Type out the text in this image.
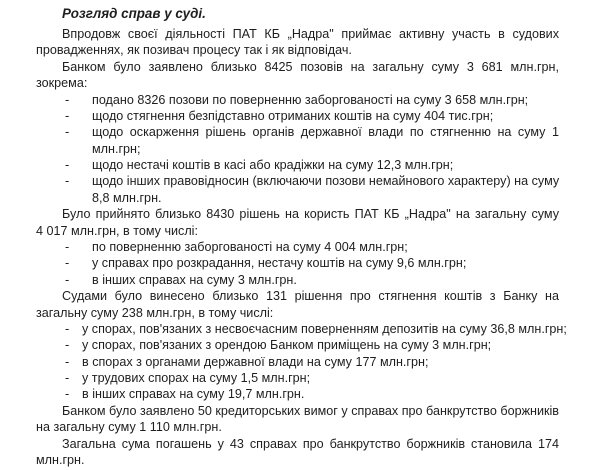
Розгляд справ у суді.
Впродовж своєї діяльності ПАТ КБ „Надра" приймає активну участь в судових
провадженнях, як позивач процесу так і як відповідач.
Банком було заявлено близько 8425 позовів на загальну суму 3 681 млн.грн,
зокрема:
- подано 8326 позови по поверненню заборгованості на суму 3 658 млн.грн;
- щодо стягнення безпідставно отриманих коштів на суму 404 тис.грн;
- щодо оскарження рішень органів державної влади по стягненню на суму 1
млн.грн;
- щодо нестачі коштів в касі або крадіжки на суму 12,3 млн.грн;
- щодо інших правовідносин (включаючи позови немайнового характеру) на суму
8,8 млн.грн.
Було прийнято близько 8430 рішень на користь ПАТ КБ „Надра" на загальну суму
4 017 млн.грн, в тому числі:
- по поверненню заборгованості на суму 4 004 млн.грн;
- у справах про розкрадання, нестачу коштів на суму 9,6 млн.грн;
- в інших справах на суму 3 млн.грн.
Судами було винесено близько 131 рішення про стягнення коштів з Банку на
загальну суму 238 млн.грн, в тому числі:
- у спорах, пов'язаних з несвоєчасним поверненням депозитів на суму 36,8 млн.грн;
- у спорах, пов'язаних з орендою Банком приміщень на суму 3 млн.грн;
- в спорах з органами державної влади на суму 177 млн.грн;
- у трудових спорах на суму 1,5 млн.грн;
- в інших справах на суму 19,7 млн.грн.
Банком було заявлено 50 кредиторських вимог у справах про банкрутство боржників
на загальну суму 1 110 млн.грн.
Загальна сума погашень у 43 справах про банкрутство боржників становила 174
млн.грн.
